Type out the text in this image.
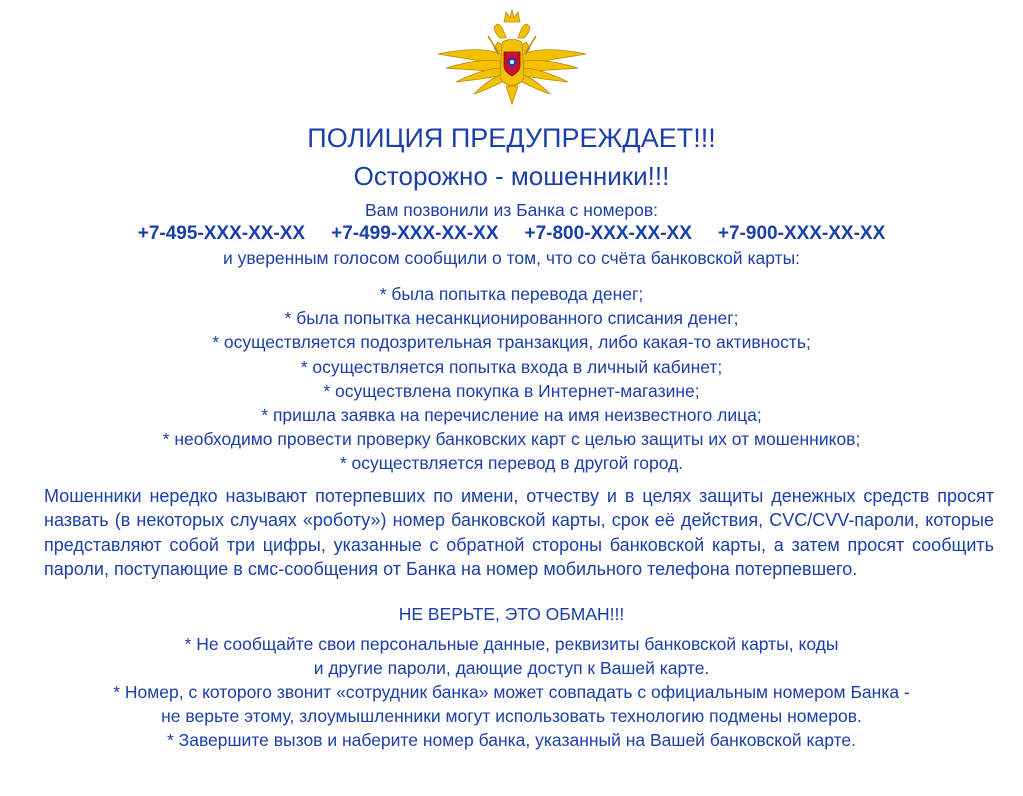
ПОЛИЦИЯ ПРЕДУПРЕЖДАЕТ!!!
Осторожно - мошенники!!!
Вам позвонили из Банка с номеров:
+7-495-XXX-XX-XX +7-499-XXX-XX-XX +7-800-XXX-XX-XX +7-900-XXX-XX-XX
и уверенным голосом сообщили о том, что со счёта банковской карты:
* была попытка перевода денег;
* была попытка несанкционированного списания денег;
* осуществляется подозрительная транзакция, либо какая-то активность;
* осуществляется попытка входа в личный кабинет;
* осуществлена покупка в Интернет-магазине;
* пришла заявка на перечисление на имя неизвестного лица;
* необходимо провести проверку банковских карт с целью защиты их от мошенников;
* осуществляется перевод в другой город.
Мошенники нередко называют потерпевших по имени, отчеству и в целях защиты денежных средств просят назвать (в некоторых случаях «роботу») номер банковской карты, срок её действия, CVC/CVV-пароли, которые представляют собой три цифры, указанные с обратной стороны банковской карты, а затем просят сообщить пароли, поступающие в смс-сообщения от Банка на номер мобильного телефона потерпевшего.
НЕ ВЕРЬТЕ, ЭТО ОБМАН!!!
* Не сообщайте свои персональные данные, реквизиты банковской карты, коды
и другие пароли, дающие доступ к Вашей карте.
* Номер, с которого звонит «сотрудник банка» может совпадать с официальным номером Банка -
не верьте этому, злоумышленники могут использовать технологию подмены номеров.
* Завершите вызов и наберите номер банка, указанный на Вашей банковской карте.
